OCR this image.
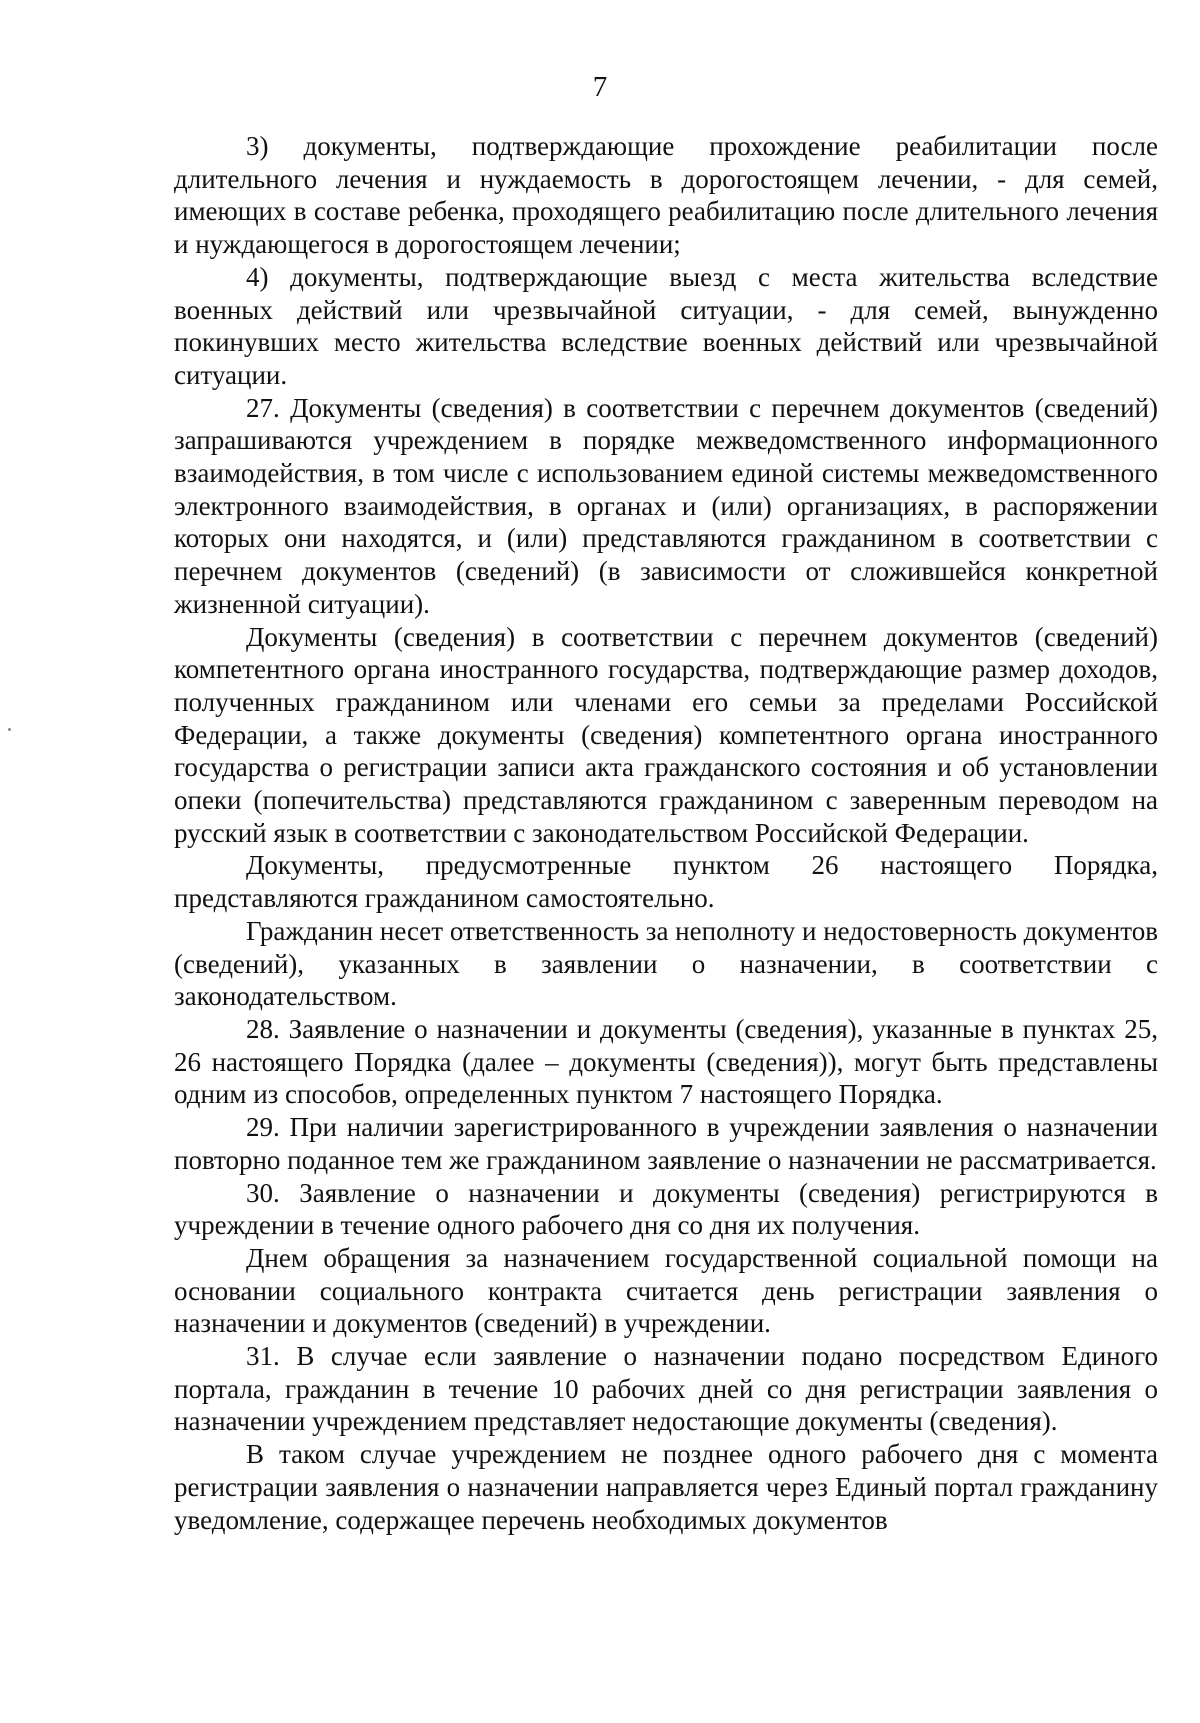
7

3) документы, подтверждающие прохождение реабилитации после длительного лечения и нуждаемость в дорогостоящем лечении, - для семей, имеющих в составе ребенка, проходящего реабилитацию после длительного лечения и нуждающегося в дорогостоящем лечении;

4) документы, подтверждающие выезд с места жительства вследствие военных действий или чрезвычайной ситуации, - для семей, вынужденно покинувших место жительства вследствие военных действий или чрезвычайной ситуации.

27. Документы (сведения) в соответствии с перечнем документов (сведений) запрашиваются учреждением в порядке межведомственного информационного взаимодействия, в том числе с использованием единой системы межведомственного электронного взаимодействия, в органах и (или) организациях, в распоряжении которых они находятся, и (или) представляются гражданином в соответствии с перечнем документов (сведений) (в зависимости от сложившейся конкретной жизненной ситуации).

Документы (сведения) в соответствии с перечнем документов (сведений) компетентного органа иностранного государства, подтверждающие размер доходов, полученных гражданином или членами его семьи за пределами Российской Федерации, а также документы (сведения) компетентного органа иностранного государства о регистрации записи акта гражданского состояния и об установлении опеки (попечительства) представляются гражданином с заверенным переводом на русский язык в соответствии с законодательством Российской Федерации.

Документы, предусмотренные пунктом 26 настоящего Порядка, представляются гражданином самостоятельно.

Гражданин несет ответственность за неполноту и недостоверность документов (сведений), указанных в заявлении о назначении, в соответствии с законодательством.

28. Заявление о назначении и документы (сведения), указанные в пунктах 25, 26 настоящего Порядка (далее – документы (сведения)), могут быть представлены одним из способов, определенных пунктом 7 настоящего Порядка.

29. При наличии зарегистрированного в учреждении заявления о назначении повторно поданное тем же гражданином заявление о назначении не рассматривается.

30. Заявление о назначении и документы (сведения) регистрируются в учреждении в течение одного рабочего дня со дня их получения.

Днем обращения за назначением государственной социальной помощи на основании социального контракта считается день регистрации заявления о назначении и документов (сведений) в учреждении.

31. В случае если заявление о назначении подано посредством Единого портала, гражданин в течение 10 рабочих дней со дня регистрации заявления о назначении учреждением представляет недостающие документы (сведения).

В таком случае учреждением не позднее одного рабочего дня с момента регистрации заявления о назначении направляется через Единый портал гражданину уведомление, содержащее перечень необходимых документов
